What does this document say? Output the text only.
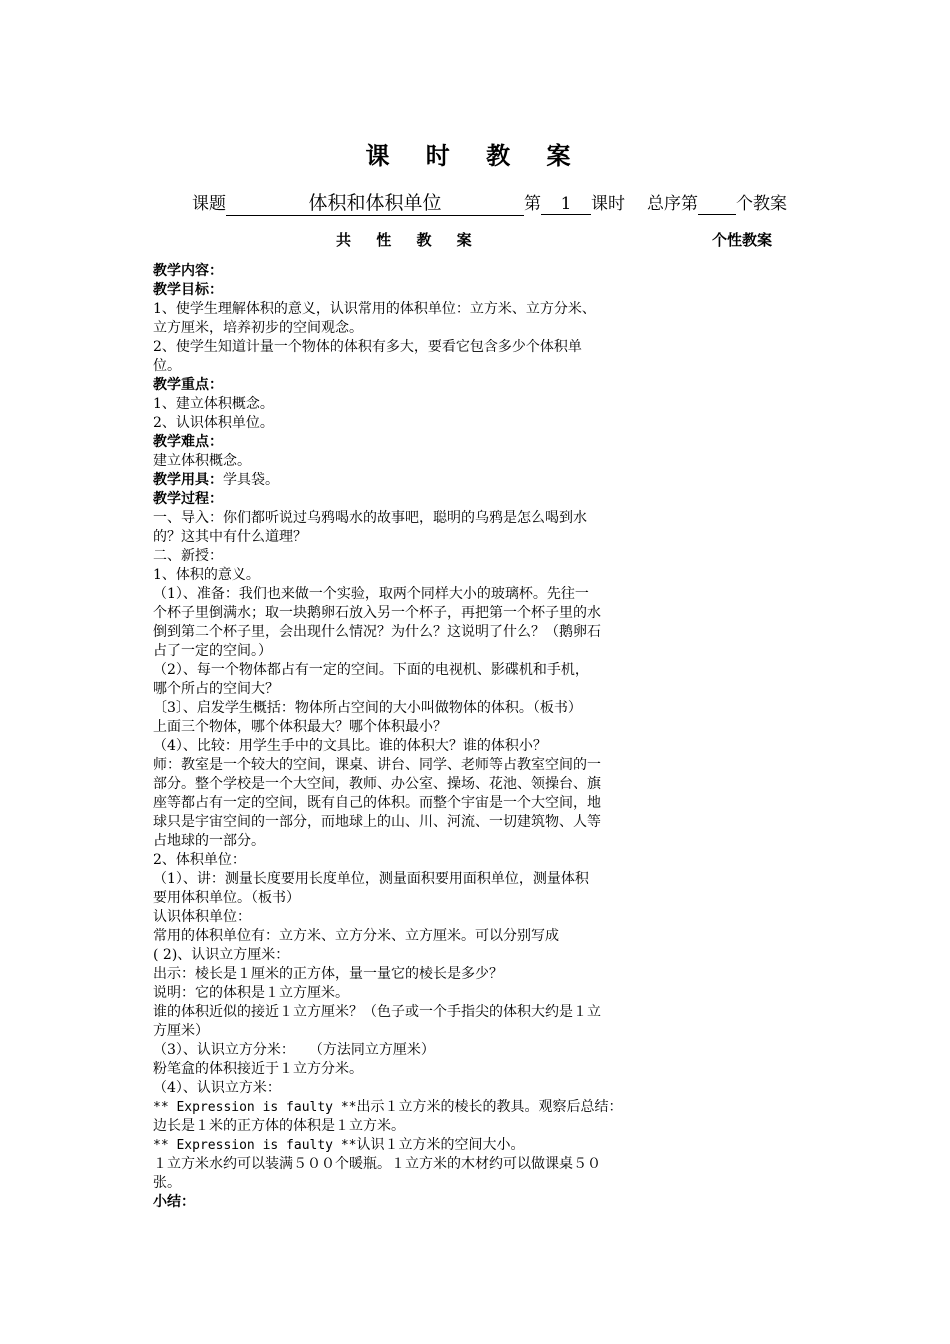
课 时 教 案
课题	体积和体积单位	第 1 课时 总序第 个教案
共 性 教 案	个性教案

教学内容：

教学目标：

1、使学生理解体积的意义，认识常用的体积单位：立方米、立方分米、

立方厘米，培养初步的空间观念。

2、使学生知道计量一个物体的体积有多大，要看它包含多少个体积单

位。

教学重点：

1、建立体积概念。

2、认识体积单位。

教学难点：

建立体积概念。

教学用具：学具袋。

教学过程：

一、导入：你们都听说过乌鸦喝水的故事吧，聪明的乌鸦是怎么喝到水

的？这其中有什么道理？

二、新授：

1、体积的意义。

（1）、准备：我们也来做一个实验，取两个同样大小的玻璃杯。先往一

个杯子里倒满水；取一块鹅卵石放入另一个杯子，再把第一个杯子里的水

倒到第二个杯子里，会出现什么情况？为什么？这说明了什么？（鹅卵石

占了一定的空间。）

（2）、每一个物体都占有一定的空间。下面的电视机、影碟机和手机，

哪个所占的空间大？

〔3〕、启发学生概括：物体所占空间的大小叫做物体的体积。（板书）

上面三个物体，哪个体积最大？哪个体积最小？

（4）、比较：用学生手中的文具比。谁的体积大？谁的体积小？

师：教室是一个较大的空间，课桌、讲台、同学、老师等占教室空间的一

部分。整个学校是一个大空间，教师、办公室、操场、花池、领操台、旗

座等都占有一定的空间，既有自己的体积。而整个宇宙是一个大空间，地

球只是宇宙空间的一部分，而地球上的山、川、河流、一切建筑物、人等

占地球的一部分。

2、体积单位：

（1）、讲：测量长度要用长度单位，测量面积要用面积单位，测量体积

要用体积单位。（板书）

认识体积单位：

常用的体积单位有：立方米、立方分米、立方厘米。可以分别写成

( 2)、认识立方厘米：

出示：棱长是１厘米的正方体，量一量它的棱长是多少？

说明：它的体积是１立方厘米。

谁的体积近似的接近１立方厘米？（色子或一个手指尖的体积大约是１立

方厘米）

（3）、认识立方分米：　　（方法同立方厘米）

粉笔盒的体积接近于１立方分米。

（4）、认识立方米：

** Expression is faulty **出示１立方米的棱长的教具。观察后总结：

边长是１米的正方体的体积是１立方米。

** Expression is faulty **认识１立方米的空间大小。

１立方米水约可以装满５００个暖瓶。１立方米的木材约可以做课桌５０

张。

小结：
